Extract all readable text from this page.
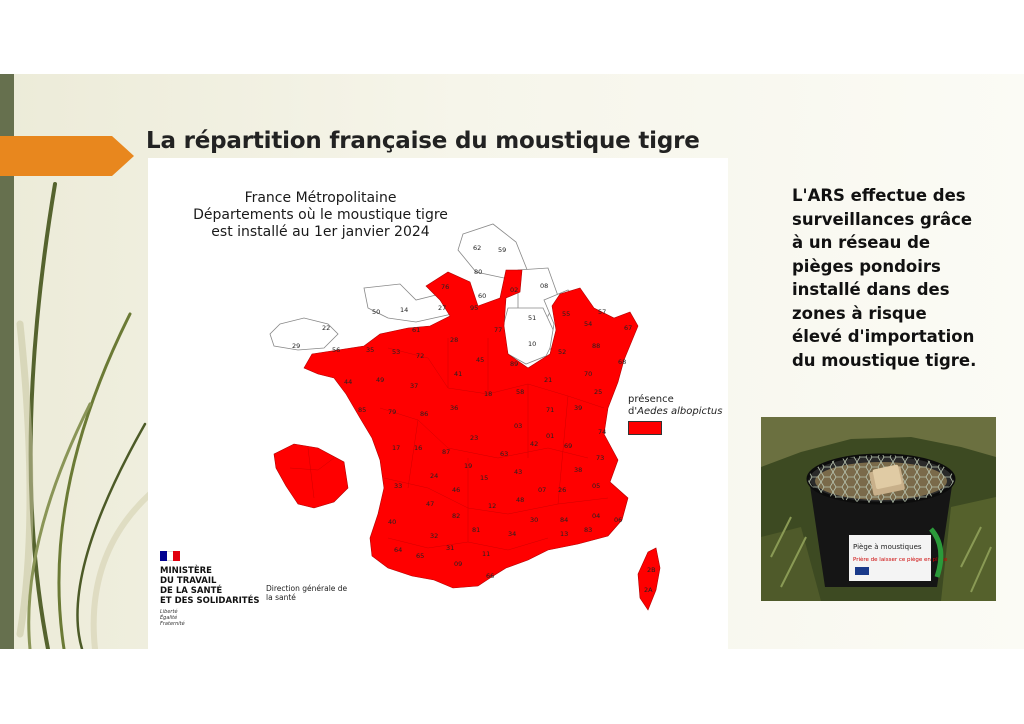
La répartition française du moustique tigre
62	59
80
76
60
02	08
50	14	27	95
77
51	55	57
54	67
22
29
61
28	10
52
88
68
56	35	53 72	45	89
21
70
25
44	49
37
41
18	58
71	39
85	79	86
36
03
01	74
23
42	69
73
17 16	87	63
38
24
19
15
43
07 26	05
33	46
47	12
48
30	84	04 06
40
82
81	34	13 83
64
65
32
31
11
09
66
2B
2A
France Métropolitaine
Départements où le moustique tigre
est installé au 1er janvier 2024
présence
d'Aedes albopictus
MINISTÈRE
DU TRAVAIL
DE LA SANTÉ
ET DES SOLIDARITÉS
Liberté
Égalité
Fraternité
Direction générale de la santé
L'ARS effectue des surveillances grâce à un réseau de pièges pondoirs installé dans des zones à risque élevé d'importation du moustique tigre.
Piège à moustiques
Prière de laisser ce piège en place
